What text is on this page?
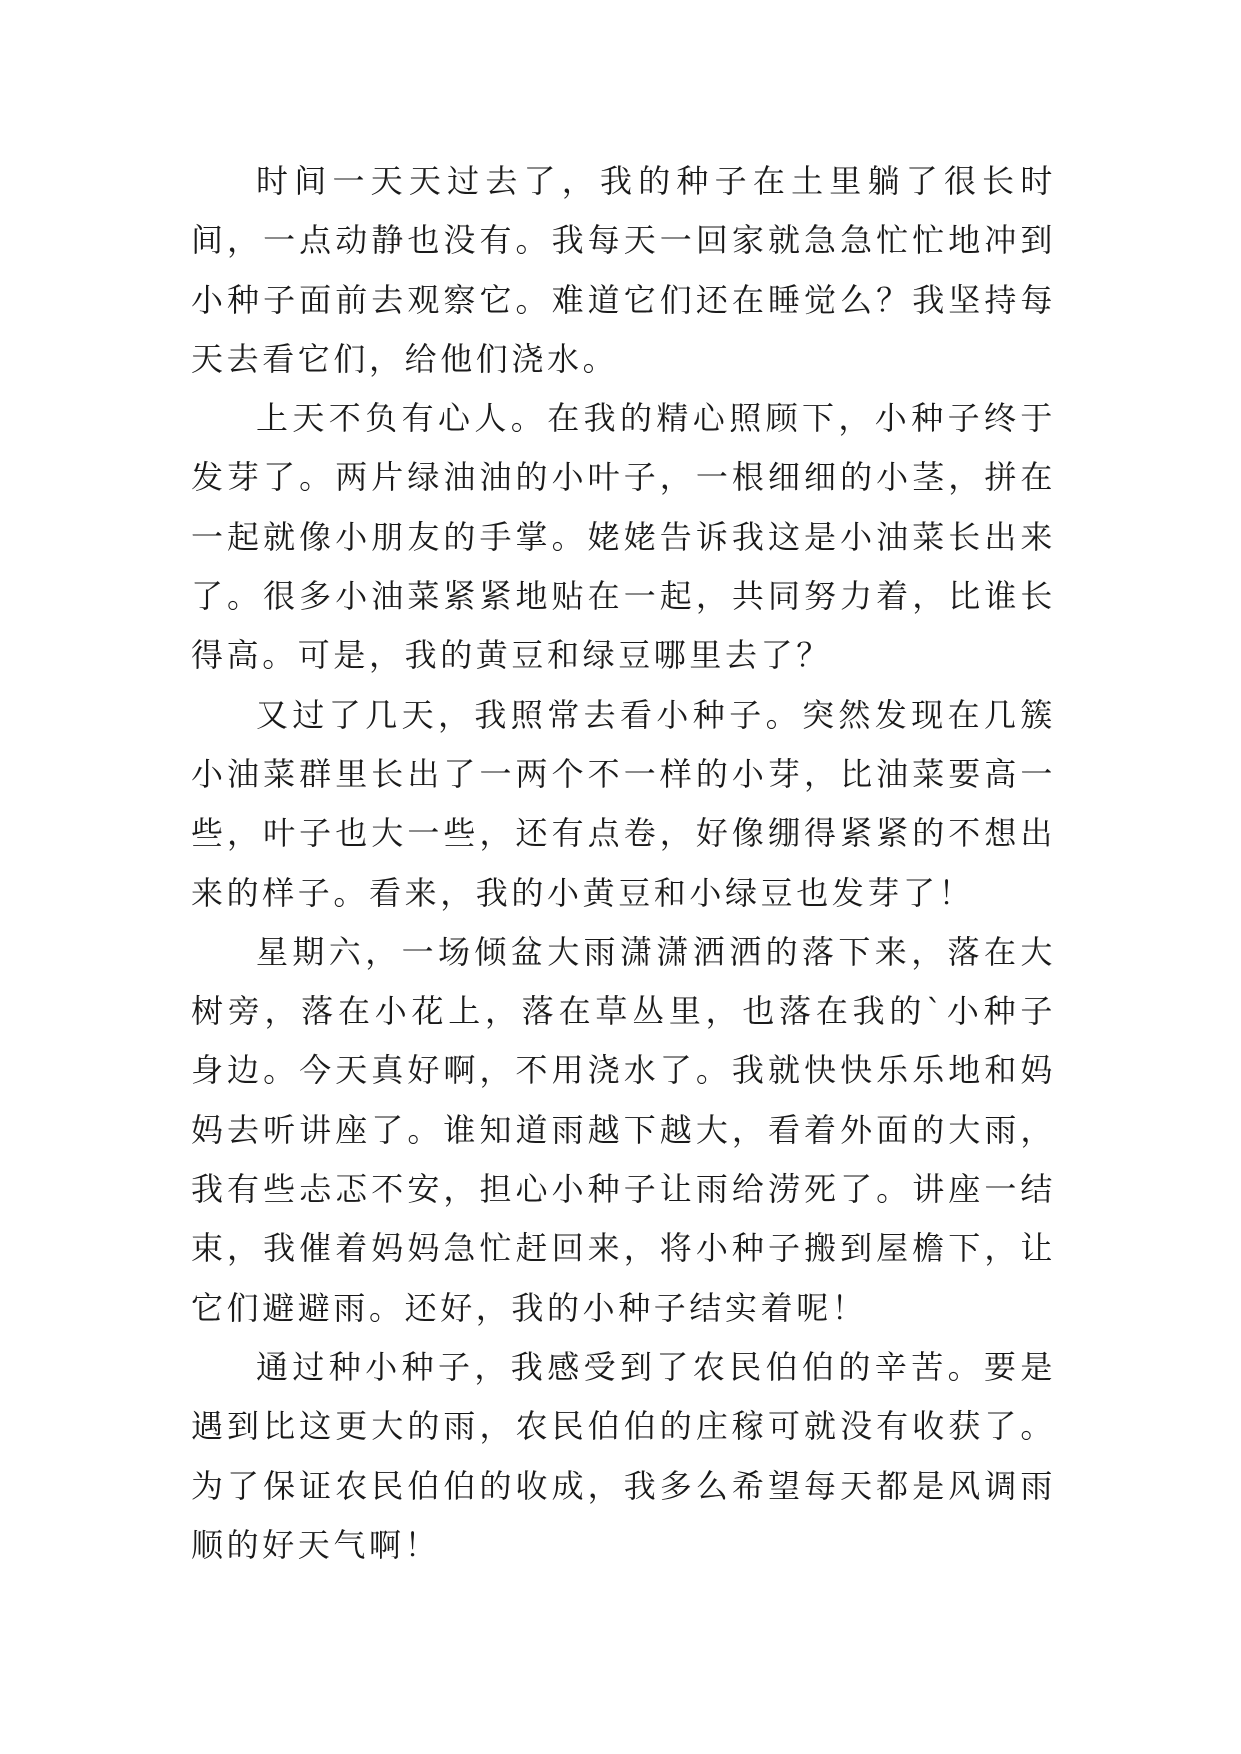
时间一天天过去了，我的种子在土里躺了很长时间，一点动静也没有。我每天一回家就急急忙忙地冲到小种子面前去观察它。难道它们还在睡觉么？我坚持每天去看它们，给他们浇水。

上天不负有心人。在我的精心照顾下，小种子终于发芽了。两片绿油油的小叶子，一根细细的小茎，拼在一起就像小朋友的手掌。姥姥告诉我这是小油菜长出来了。很多小油菜紧紧地贴在一起，共同努力着，比谁长得高。可是，我的黄豆和绿豆哪里去了？

又过了几天，我照常去看小种子。突然发现在几簇小油菜群里长出了一两个不一样的小芽，比油菜要高一些，叶子也大一些，还有点卷，好像绷得紧紧的不想出来的样子。看来，我的小黄豆和小绿豆也发芽了！

星期六，一场倾盆大雨潇潇洒洒的落下来，落在大树旁，落在小花上，落在草丛里，也落在我的`小种子身边。今天真好啊，不用浇水了。我就快快乐乐地和妈妈去听讲座了。谁知道雨越下越大，看着外面的大雨，我有些忐忑不安，担心小种子让雨给涝死了。讲座一结束，我催着妈妈急忙赶回来，将小种子搬到屋檐下，让它们避避雨。还好，我的小种子结实着呢！

通过种小种子，我感受到了农民伯伯的辛苦。要是遇到比这更大的雨，农民伯伯的庄稼可就没有收获了。为了保证农民伯伯的收成，我多么希望每天都是风调雨顺的好天气啊！
